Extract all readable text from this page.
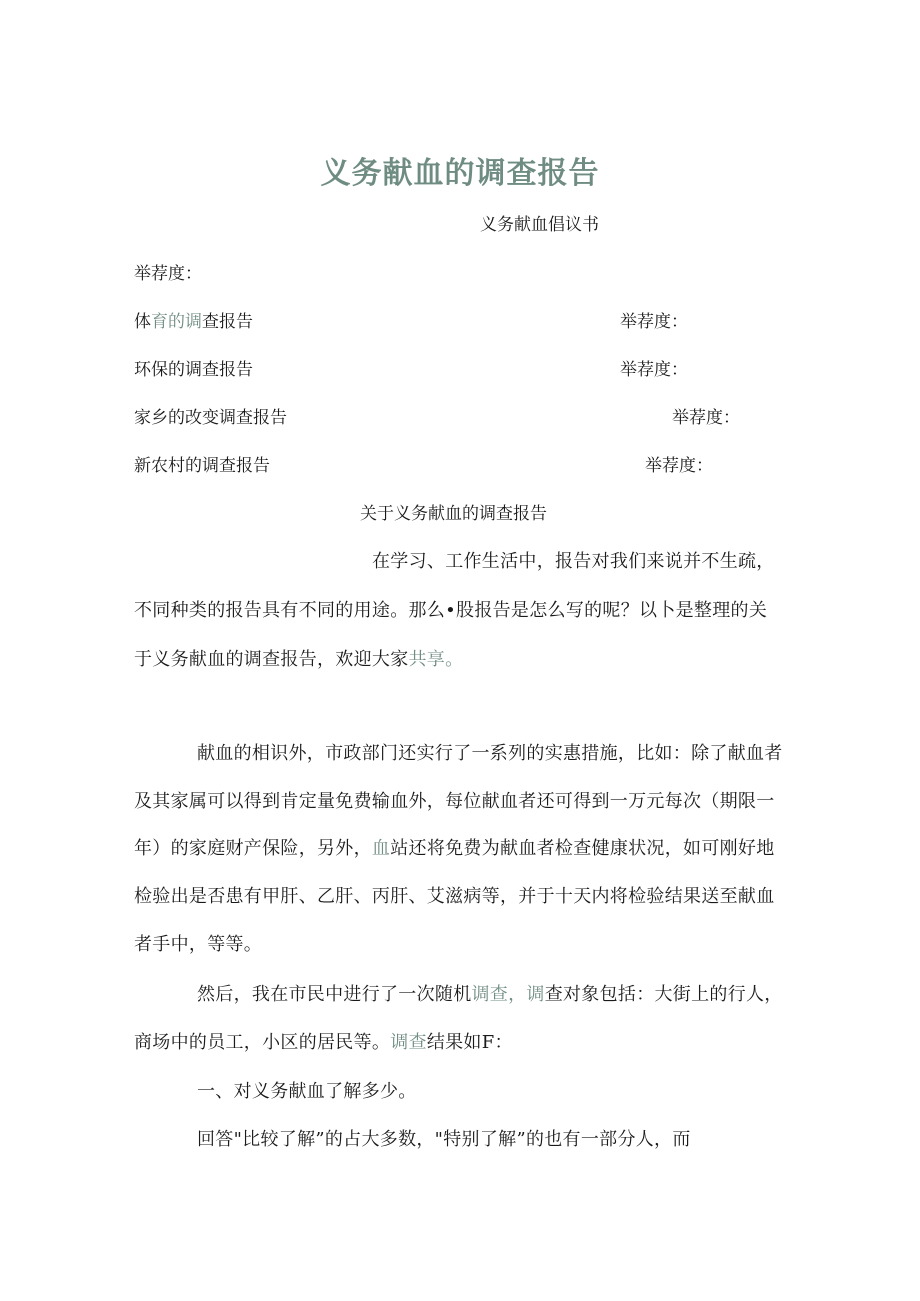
义务献血的调查报告
义务献血倡议书
举荐度：
体育的调查报告	举荐度：
环保的调查报告	举荐度：
家乡的改变调查报告	举荐度：
新农村的调查报告	举荐度：
关于义务献血的调查报告
在学习、工作生活中，报告对我们来说并不生疏，
不同种类的报告具有不同的用途。那么•股报告是怎么写的呢？以卜是整理的关
于义务献血的调查报告，欢迎大家共享。
献血的相识外，市政部门还实行了一系列的实惠措施，比如：除了献血者
及其家属可以得到肯定量免费输血外，每位献血者还可得到一万元每次（期限一
年）的家庭财产保险，另外，血站还将免费为献血者检查健康状况，如可刚好地
检验出是否患有甲肝、乙肝、丙肝、艾滋病等，并于十天内将检验结果送至献血
者手中，等等。
然后，我在市民中进行了一次随机调查，调查对象包括：大街上的行人，
商场中的员工，小区的居民等。调查结果如F：
一、对义务献血了解多少。
回答"比较了解”的占大多数，"特别了解”的也有一部分人，而
